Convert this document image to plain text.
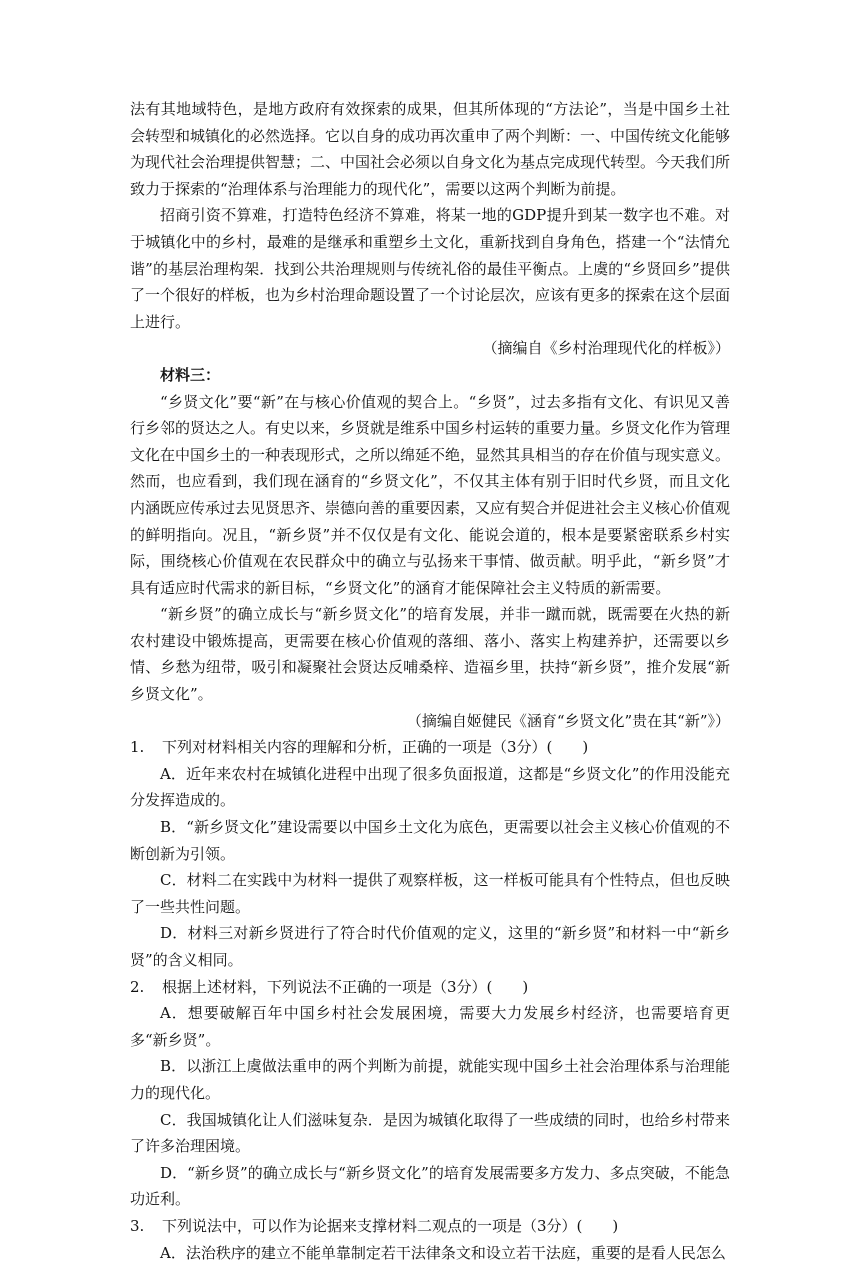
法有其地域特色，是地方政府有效探索的成果，但其所体现的“方法论”，当是中国乡土社会转型和城镇化的必然选择。它以自身的成功再次重申了两个判断：一、中国传统文化能够为现代社会治理提供智慧；二、中国社会必须以自身文化为基点完成现代转型。今天我们所致力于探索的“治理体系与治理能力的现代化”，需要以这两个判断为前提。

招商引资不算难，打造特色经济不算难，将某一地的GDP提升到某一数字也不难。对于城镇化中的乡村，最难的是继承和重塑乡土文化，重新找到自身角色，搭建一个“法情允谐”的基层治理构架．找到公共治理规则与传统礼俗的最佳平衡点。上虞的“乡贤回乡”提供了一个很好的样板，也为乡村治理命题设置了一个讨论层次，应该有更多的探索在这个层面上进行。

（摘编自《乡村治理现代化的样板》）

材料三：

“乡贤文化”要“新”在与核心价值观的契合上。“乡贤”，过去多指有文化、有识见又善行乡邻的贤达之人。有史以来，乡贤就是维系中国乡村运转的重要力量。乡贤文化作为管理文化在中国乡土的一种表现形式，之所以绵延不绝，显然其具相当的存在价值与现实意义。然而，也应看到，我们现在涵育的“乡贤文化”，不仅其主体有别于旧时代乡贤，而且文化内涵既应传承过去见贤思齐、崇德向善的重要因素，又应有契合并促进社会主义核心价值观的鲜明指向。况且，“新乡贤”并不仅仅是有文化、能说会道的，根本是要紧密联系乡村实际，围绕核心价值观在农民群众中的确立与弘扬来干事情、做贡献。明乎此，“新乡贤”才具有适应时代需求的新目标，“乡贤文化”的涵育才能保障社会主义特质的新需要。

“新乡贤”的确立成长与“新乡贤文化”的培育发展，并非一蹴而就，既需要在火热的新农村建设中锻炼提高，更需要在核心价值观的落细、落小、落实上构建养护，还需要以乡情、乡愁为纽带，吸引和凝聚社会贤达反哺桑梓、造福乡里，扶持“新乡贤”，推介发展“新乡贤文化”。

（摘编自姬健民《涵育“乡贤文化”贵在其“新”》）

1.	下列对材料相关内容的理解和分析，正确的一项是（3分）(　　)

A．近年来农村在城镇化进程中出现了很多负面报道，这都是“乡贤文化”的作用没能充分发挥造成的。

B．“新乡贤文化”建设需要以中国乡土文化为底色，更需要以社会主义核心价值观的不断创新为引领。

C．材料二在实践中为材料一提供了观察样板，这一样板可能具有个性特点，但也反映了一些共性问题。

D．材料三对新乡贤进行了符合时代价值观的定义，这里的“新乡贤”和材料一中“新乡贤”的含义相同。

2.	根据上述材料，下列说法不正确的一项是（3分）(　　)

A．想要破解百年中国乡村社会发展困境，需要大力发展乡村经济，也需要培育更多“新乡贤”。

B．以浙江上虞做法重申的两个判断为前提，就能实现中国乡土社会治理体系与治理能力的现代化。

C．我国城镇化让人们滋味复杂．是因为城镇化取得了一些成绩的同时，也给乡村带来了许多治理困境。

D．“新乡贤”的确立成长与“新乡贤文化”的培育发展需要多方发力、多点突破，不能急功近利。

3.	下列说法中，可以作为论据来支撑材料二观点的一项是（3分）(　　)

A．法治秩序的建立不能单靠制定若干法律条文和设立若干法庭，重要的是看人民怎么
